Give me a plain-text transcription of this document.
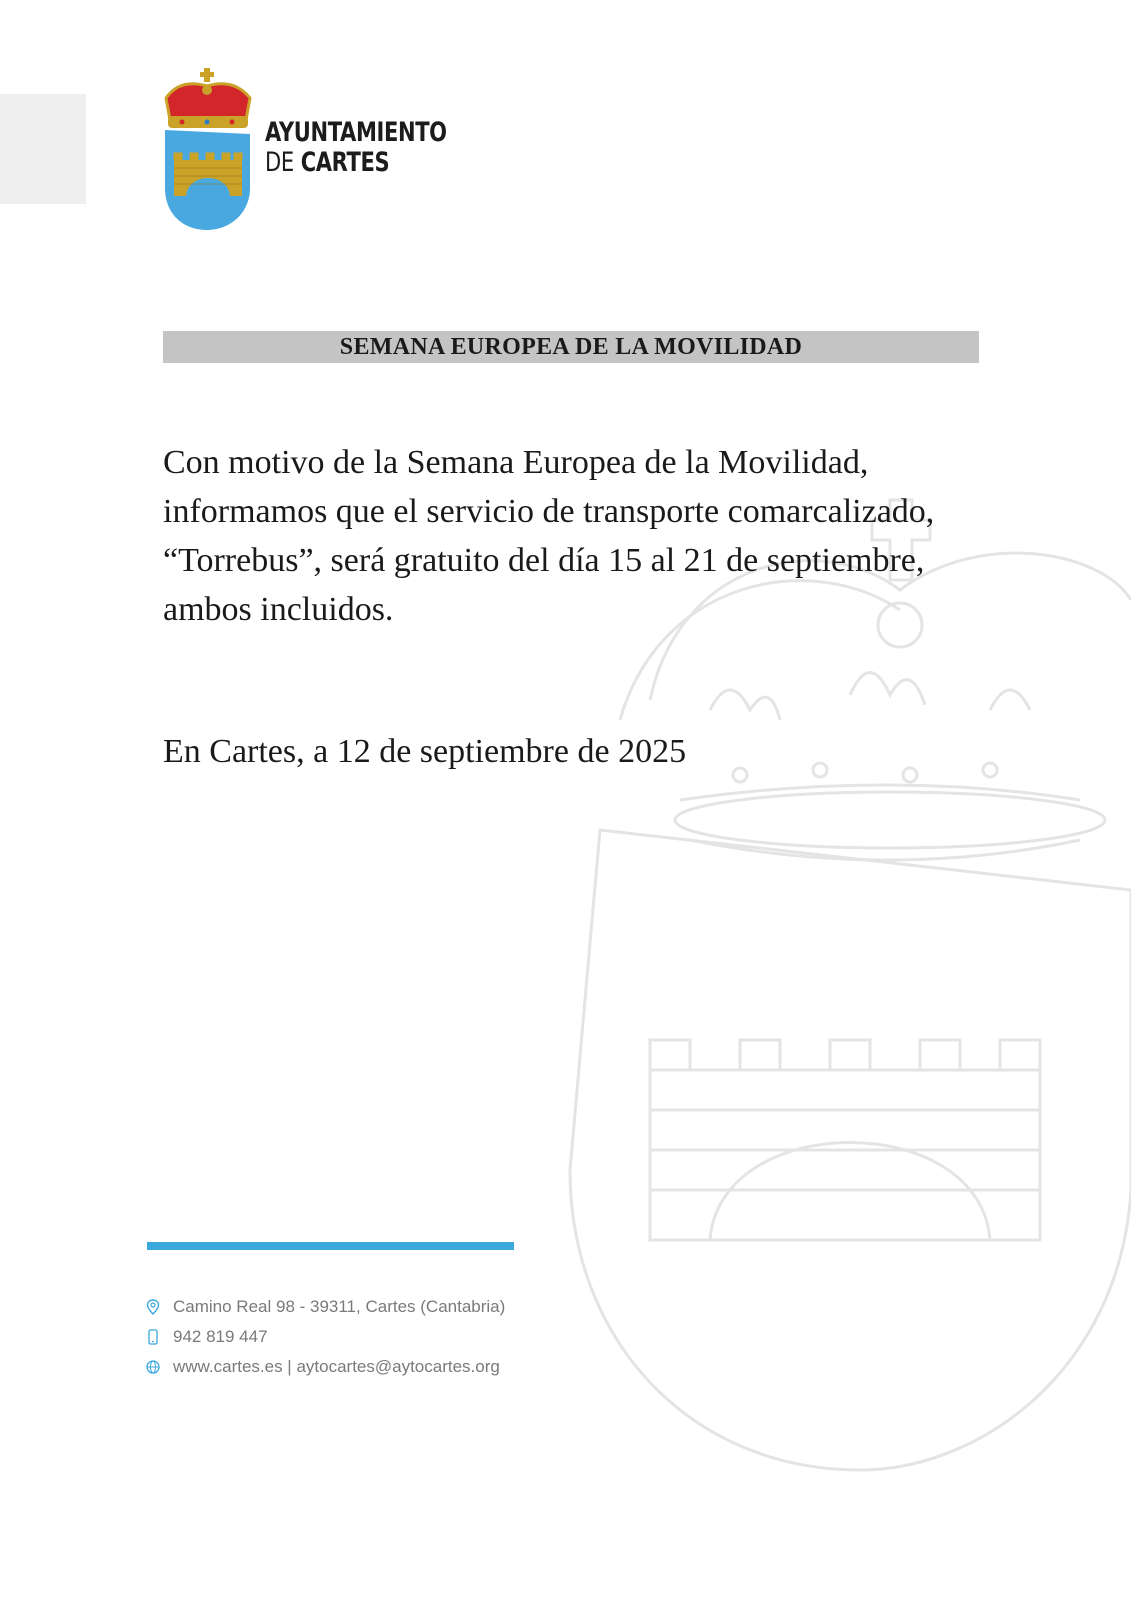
AYUNTAMIENTO
DE CARTES
SEMANA EUROPEA DE LA MOVILIDAD

Con motivo de la Semana Europea de la Movilidad, informamos que el servicio de transporte comarcalizado, “Torrebus”, será gratuito del día 15 al 21 de septiembre, ambos incluidos.

En Cartes, a 12 de septiembre de 2025

Camino Real 98 - 39311, Cartes (Cantabria)
942 819 447
www.cartes.es | aytocartes@aytocartes.org
